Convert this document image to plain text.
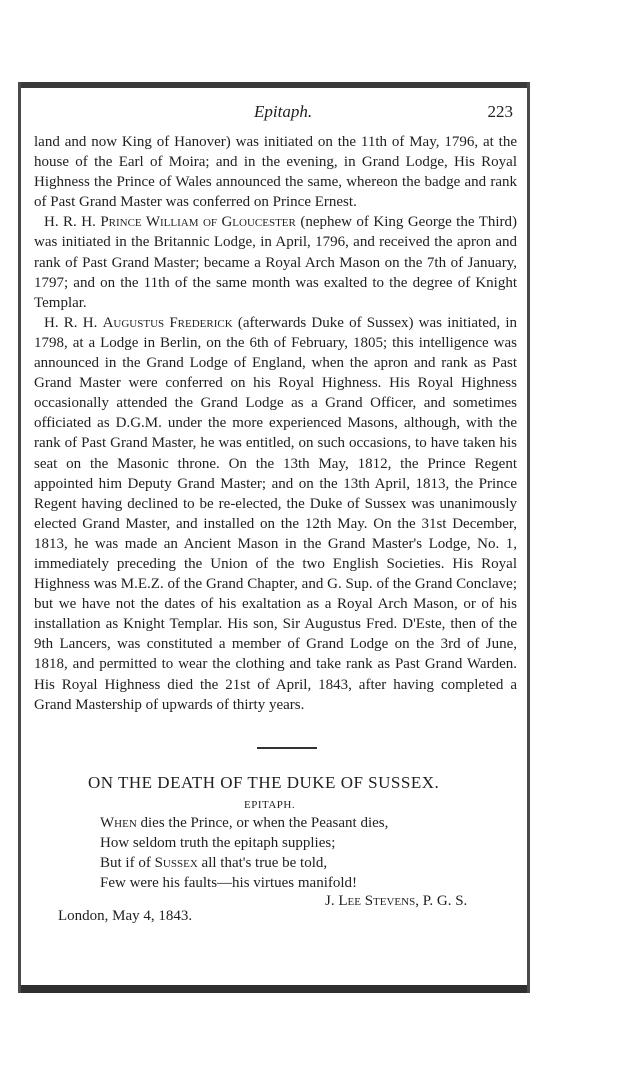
Epitaph.	223

land and now King of Hanover) was initiated on the 11th of May, 1796, at the house of the Earl of Moira; and in the evening, in Grand Lodge, His Royal Highness the Prince of Wales announced the same, whereon the badge and rank of Past Grand Master was conferred on Prince Ernest.

H. R. H. Prince William of Gloucester (nephew of King George the Third) was initiated in the Britannic Lodge, in April, 1796, and received the apron and rank of Past Grand Master; became a Royal Arch Mason on the 7th of January, 1797; and on the 11th of the same month was exalted to the degree of Knight Templar.

H. R. H. Augustus Frederick (afterwards Duke of Sussex) was initiated, in 1798, at a Lodge in Berlin, on the 6th of February, 1805; this intelligence was announced in the Grand Lodge of England, when the apron and rank as Past Grand Master were conferred on his Royal Highness. His Royal Highness occasionally attended the Grand Lodge as a Grand Officer, and sometimes officiated as D.G.M. under the more experienced Masons, although, with the rank of Past Grand Master, he was entitled, on such occasions, to have taken his seat on the Masonic throne. On the 13th May, 1812, the Prince Regent appointed him Deputy Grand Master; and on the 13th April, 1813, the Prince Regent having declined to be re-elected, the Duke of Sussex was unanimously elected Grand Master, and installed on the 12th May. On the 31st December, 1813, he was made an Ancient Mason in the Grand Master's Lodge, No. 1, immediately preceding the Union of the two English Societies. His Royal Highness was M.E.Z. of the Grand Chapter, and G. Sup. of the Grand Conclave; but we have not the dates of his exaltation as a Royal Arch Mason, or of his installation as Knight Templar. His son, Sir Augustus Fred. D'Este, then of the 9th Lancers, was constituted a member of Grand Lodge on the 3rd of June, 1818, and permitted to wear the clothing and take rank as Past Grand Warden. His Royal Highness died the 21st of April, 1843, after having completed a Grand Mastership of upwards of thirty years.

ON THE DEATH OF THE DUKE OF SUSSEX.
EPITAPH.
When dies the Prince, or when the Peasant dies,
How seldom truth the epitaph supplies;
But if of Sussex all that's true be told,
Few were his faults—his virtues manifold!
J. Lee Stevens, P. G. S.
London, May 4, 1843.
